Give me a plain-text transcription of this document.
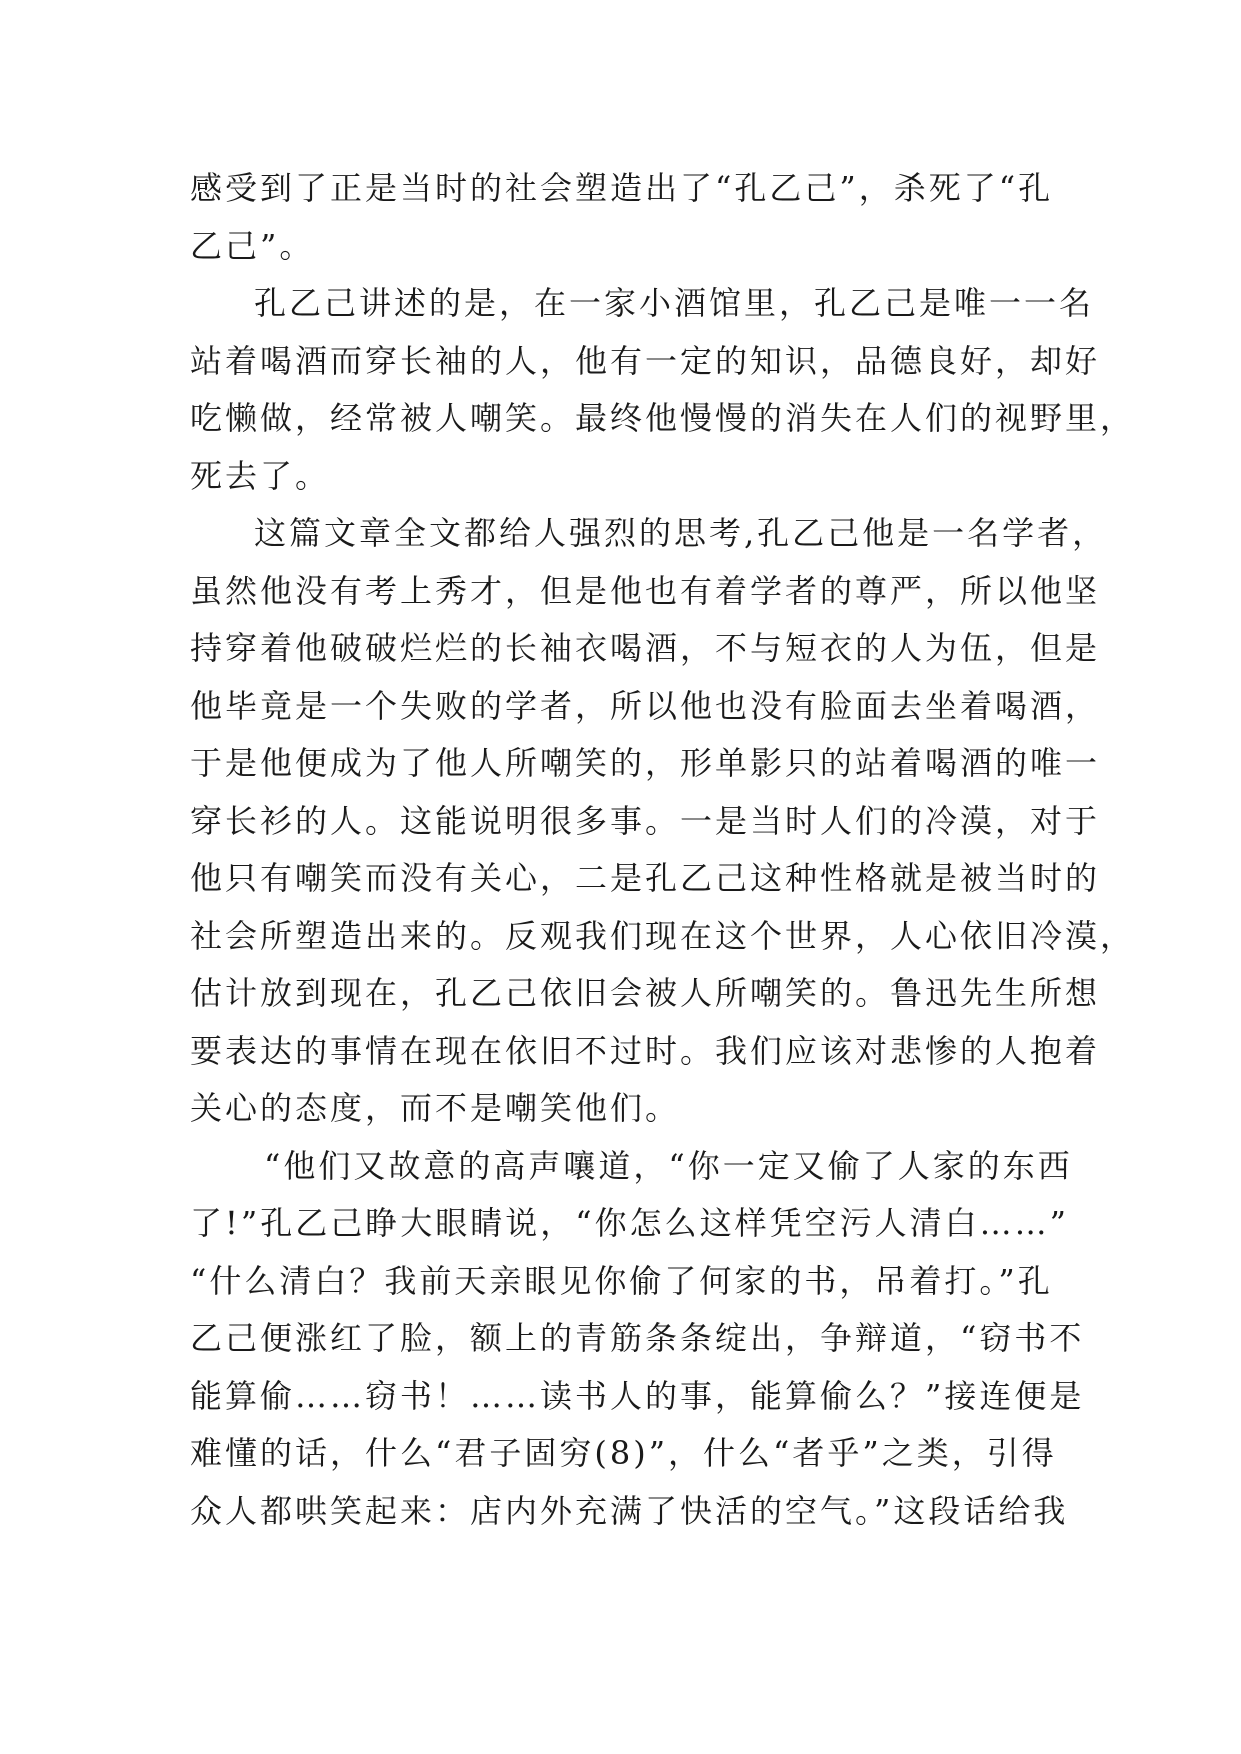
感受到了正是当时的社会塑造出了“孔乙己”，杀死了“孔
乙己”。
孔乙己讲述的是，在一家小酒馆里，孔乙己是唯一一名
站着喝酒而穿长袖的人，他有一定的知识，品德良好，却好
吃懒做，经常被人嘲笑。最终他慢慢的消失在人们的视野里，
死去了。
这篇文章全文都给人强烈的思考,孔乙己他是一名学者，
虽然他没有考上秀才，但是他也有着学者的尊严，所以他坚
持穿着他破破烂烂的长袖衣喝酒，不与短衣的人为伍，但是
他毕竟是一个失败的学者，所以他也没有脸面去坐着喝酒，
于是他便成为了他人所嘲笑的，形单影只的站着喝酒的唯一
穿长衫的人。这能说明很多事。一是当时人们的冷漠，对于
他只有嘲笑而没有关心，二是孔乙己这种性格就是被当时的
社会所塑造出来的。反观我们现在这个世界，人心依旧冷漠，
估计放到现在，孔乙己依旧会被人所嘲笑的。鲁迅先生所想
要表达的事情在现在依旧不过时。我们应该对悲惨的人抱着
关心的态度，而不是嘲笑他们。
“他们又故意的高声嚷道，“你一定又偷了人家的东西
了!”孔乙己睁大眼睛说，“你怎么这样凭空污人清白……”
“什么清白？我前天亲眼见你偷了何家的书，吊着打。”孔
乙己便涨红了脸，额上的青筋条条绽出，争辩道，“窃书不
能算偷……窃书！……读书人的事，能算偷么？”接连便是
难懂的话，什么“君子固穷(8)”，什么“者乎”之类，引得
众人都哄笑起来：店内外充满了快活的空气。”这段话给我
